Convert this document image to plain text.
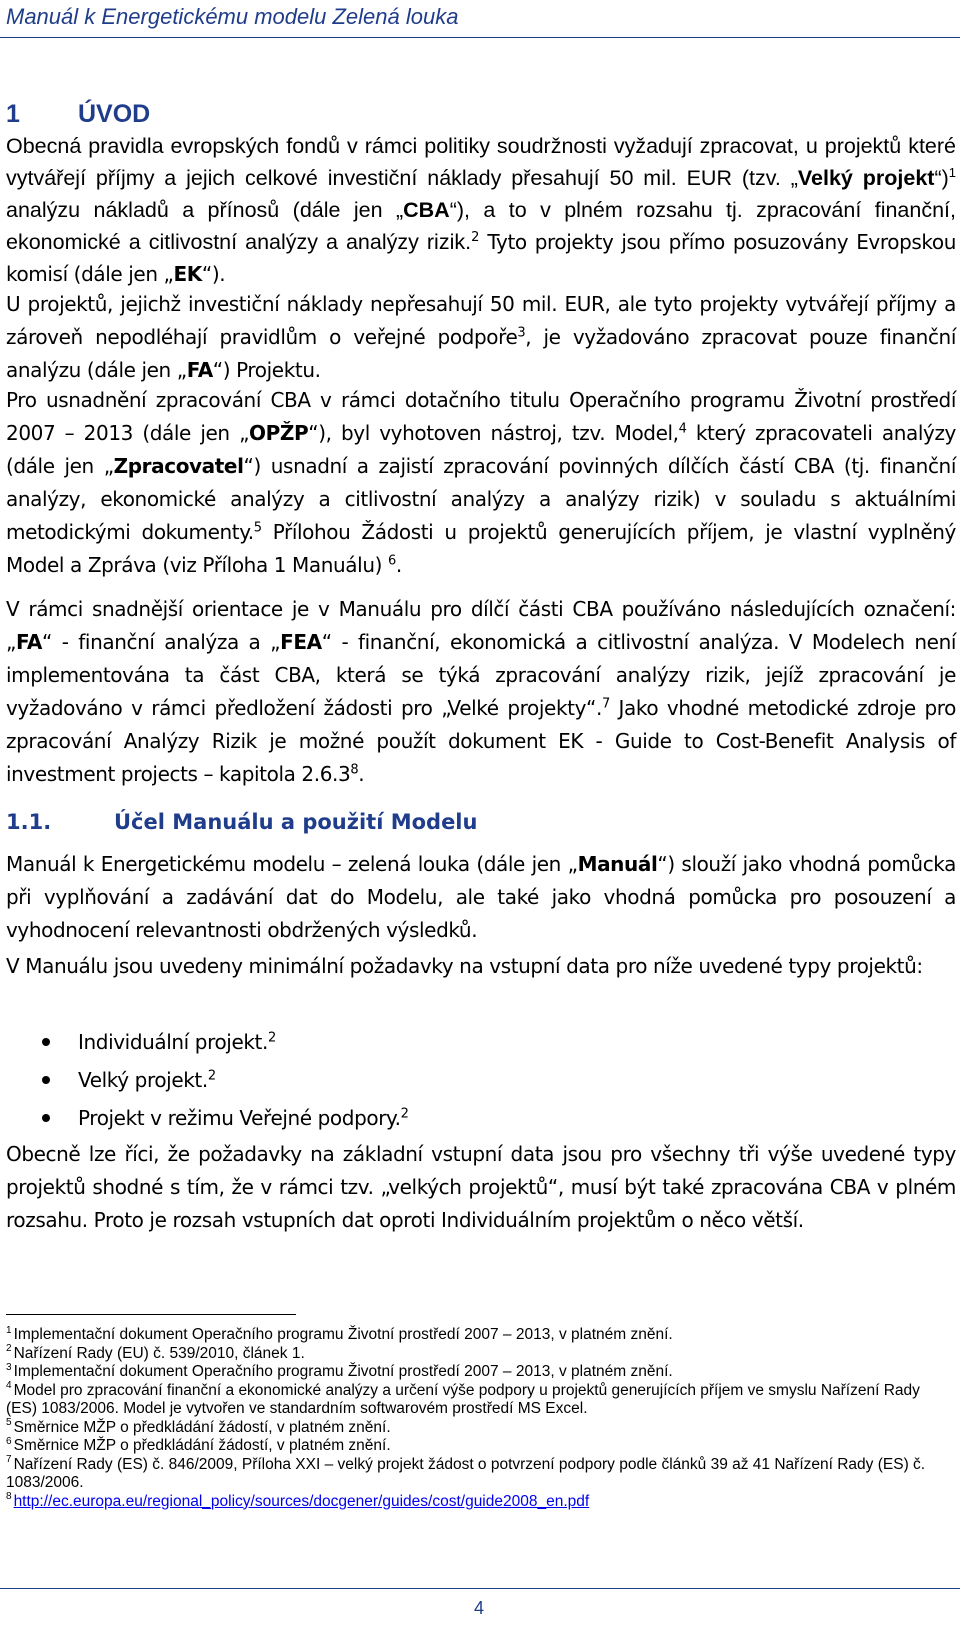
Manuál k Energetickému modelu Zelená louka
1 ÚVOD

Obecná pravidla evropských fondů v rámci politiky soudržnosti vyžadují zpracovat, u projektů které vytvářejí příjmy a jejich celkové investiční náklady přesahují 50 mil. EUR (tzv. „Velký projekt“)$^1$ analýzu nákladů a přínosů (dále jen „CBA“), a to v plném rozsahu tj. zpracování finanční, ekonomické a citlivostní analýzy a analýzy rizik.$^2$ Tyto projekty jsou přímo posuzovány Evropskou komisí (dále jen „EK“).

U projektů, jejichž investiční náklady nepřesahují 50 mil. EUR, ale tyto projekty vytvářejí příjmy a zároveň nepodléhají pravidlům o veřejné podpoře$^3$, je vyžadováno zpracovat pouze finanční analýzu (dále jen „FA“) Projektu.

Pro usnadnění zpracování CBA v rámci dotačního titulu Operačního programu Životní prostředí 2007 – 2013 (dále jen „OPŽP“), byl vyhotoven nástroj, tzv. Model,$^4$ který zpracovateli analýzy (dále jen „Zpracovatel“) usnadní a zajistí zpracování povinných dílčích částí CBA (tj. finanční analýzy, ekonomické analýzy a citlivostní analýzy a analýzy rizik) v souladu s aktuálními metodickými dokumenty.$^5$ Přílohou Žádosti u projektů generujících příjem, je vlastní vyplněný Model a Zpráva (viz Příloha 1 Manuálu) $^6$.

V rámci snadnější orientace je v Manuálu pro dílčí části CBA používáno následujících označení: „FA“ - finanční analýza a „FEA“ - finanční, ekonomická a citlivostní analýza. V Modelech není implementována ta část CBA, která se týká zpracování analýzy rizik, jejíž zpracování je vyžadováno v rámci předložení žádosti pro „Velké projekty“.$^7$ Jako vhodné metodické zdroje pro zpracování Analýzy Rizik je možné použít dokument EK - Guide to Cost-Benefit Analysis of investment projects – kapitola 2.6.3$^8$.

1.1.	Účel Manuálu a použití Modelu

Manuál k Energetickému modelu – zelená louka (dále jen „Manuál“) slouží jako vhodná pomůcka při vyplňování a zadávání dat do Modelu, ale také jako vhodná pomůcka pro posouzení a vyhodnocení relevantnosti obdržených výsledků.

V Manuálu jsou uvedeny minimální požadavky na vstupní data pro níže uvedené typy projektů:

Individuální projekt.$^2$
Velký projekt.$^2$
Projekt v režimu Veřejné podpory.$^2$

Obecně lze říci, že požadavky na základní vstupní data jsou pro všechny tři výše uvedené typy projektů shodné s tím, že v rámci tzv. „velkých projektů“, musí být také zpracována CBA v plném rozsahu. Proto je rozsah vstupních dat oproti Individuálním projektům o něco větší.

$^1$ Implementační dokument Operačního programu Životní prostředí 2007 – 2013, v platném znění.
$^2$ Nařízení Rady (EU) č. 539/2010, článek 1.
$^3$ Implementační dokument Operačního programu Životní prostředí 2007 – 2013, v platném znění.
$^4$ Model pro zpracování finanční a ekonomické analýzy a určení výše podpory u projektů generujících příjem ve smyslu Nařízení Rady (ES) 1083/2006. Model je vytvořen ve standardním softwarovém prostředí MS Excel.
$^5$ Směrnice MŽP o předkládání žádostí, v platném znění.
$^6$ Směrnice MŽP o předkládání žádostí, v platném znění.
$^7$ Nařízení Rady (ES) č. 846/2009, Příloha XXI – velký projekt žádost o potvrzení podpory podle článků 39 až 41 Nařízení Rady (ES) č. 1083/2006.
$^8$ http://ec.europa.eu/regional_policy/sources/docgener/guides/cost/guide2008_en.pdf
4
